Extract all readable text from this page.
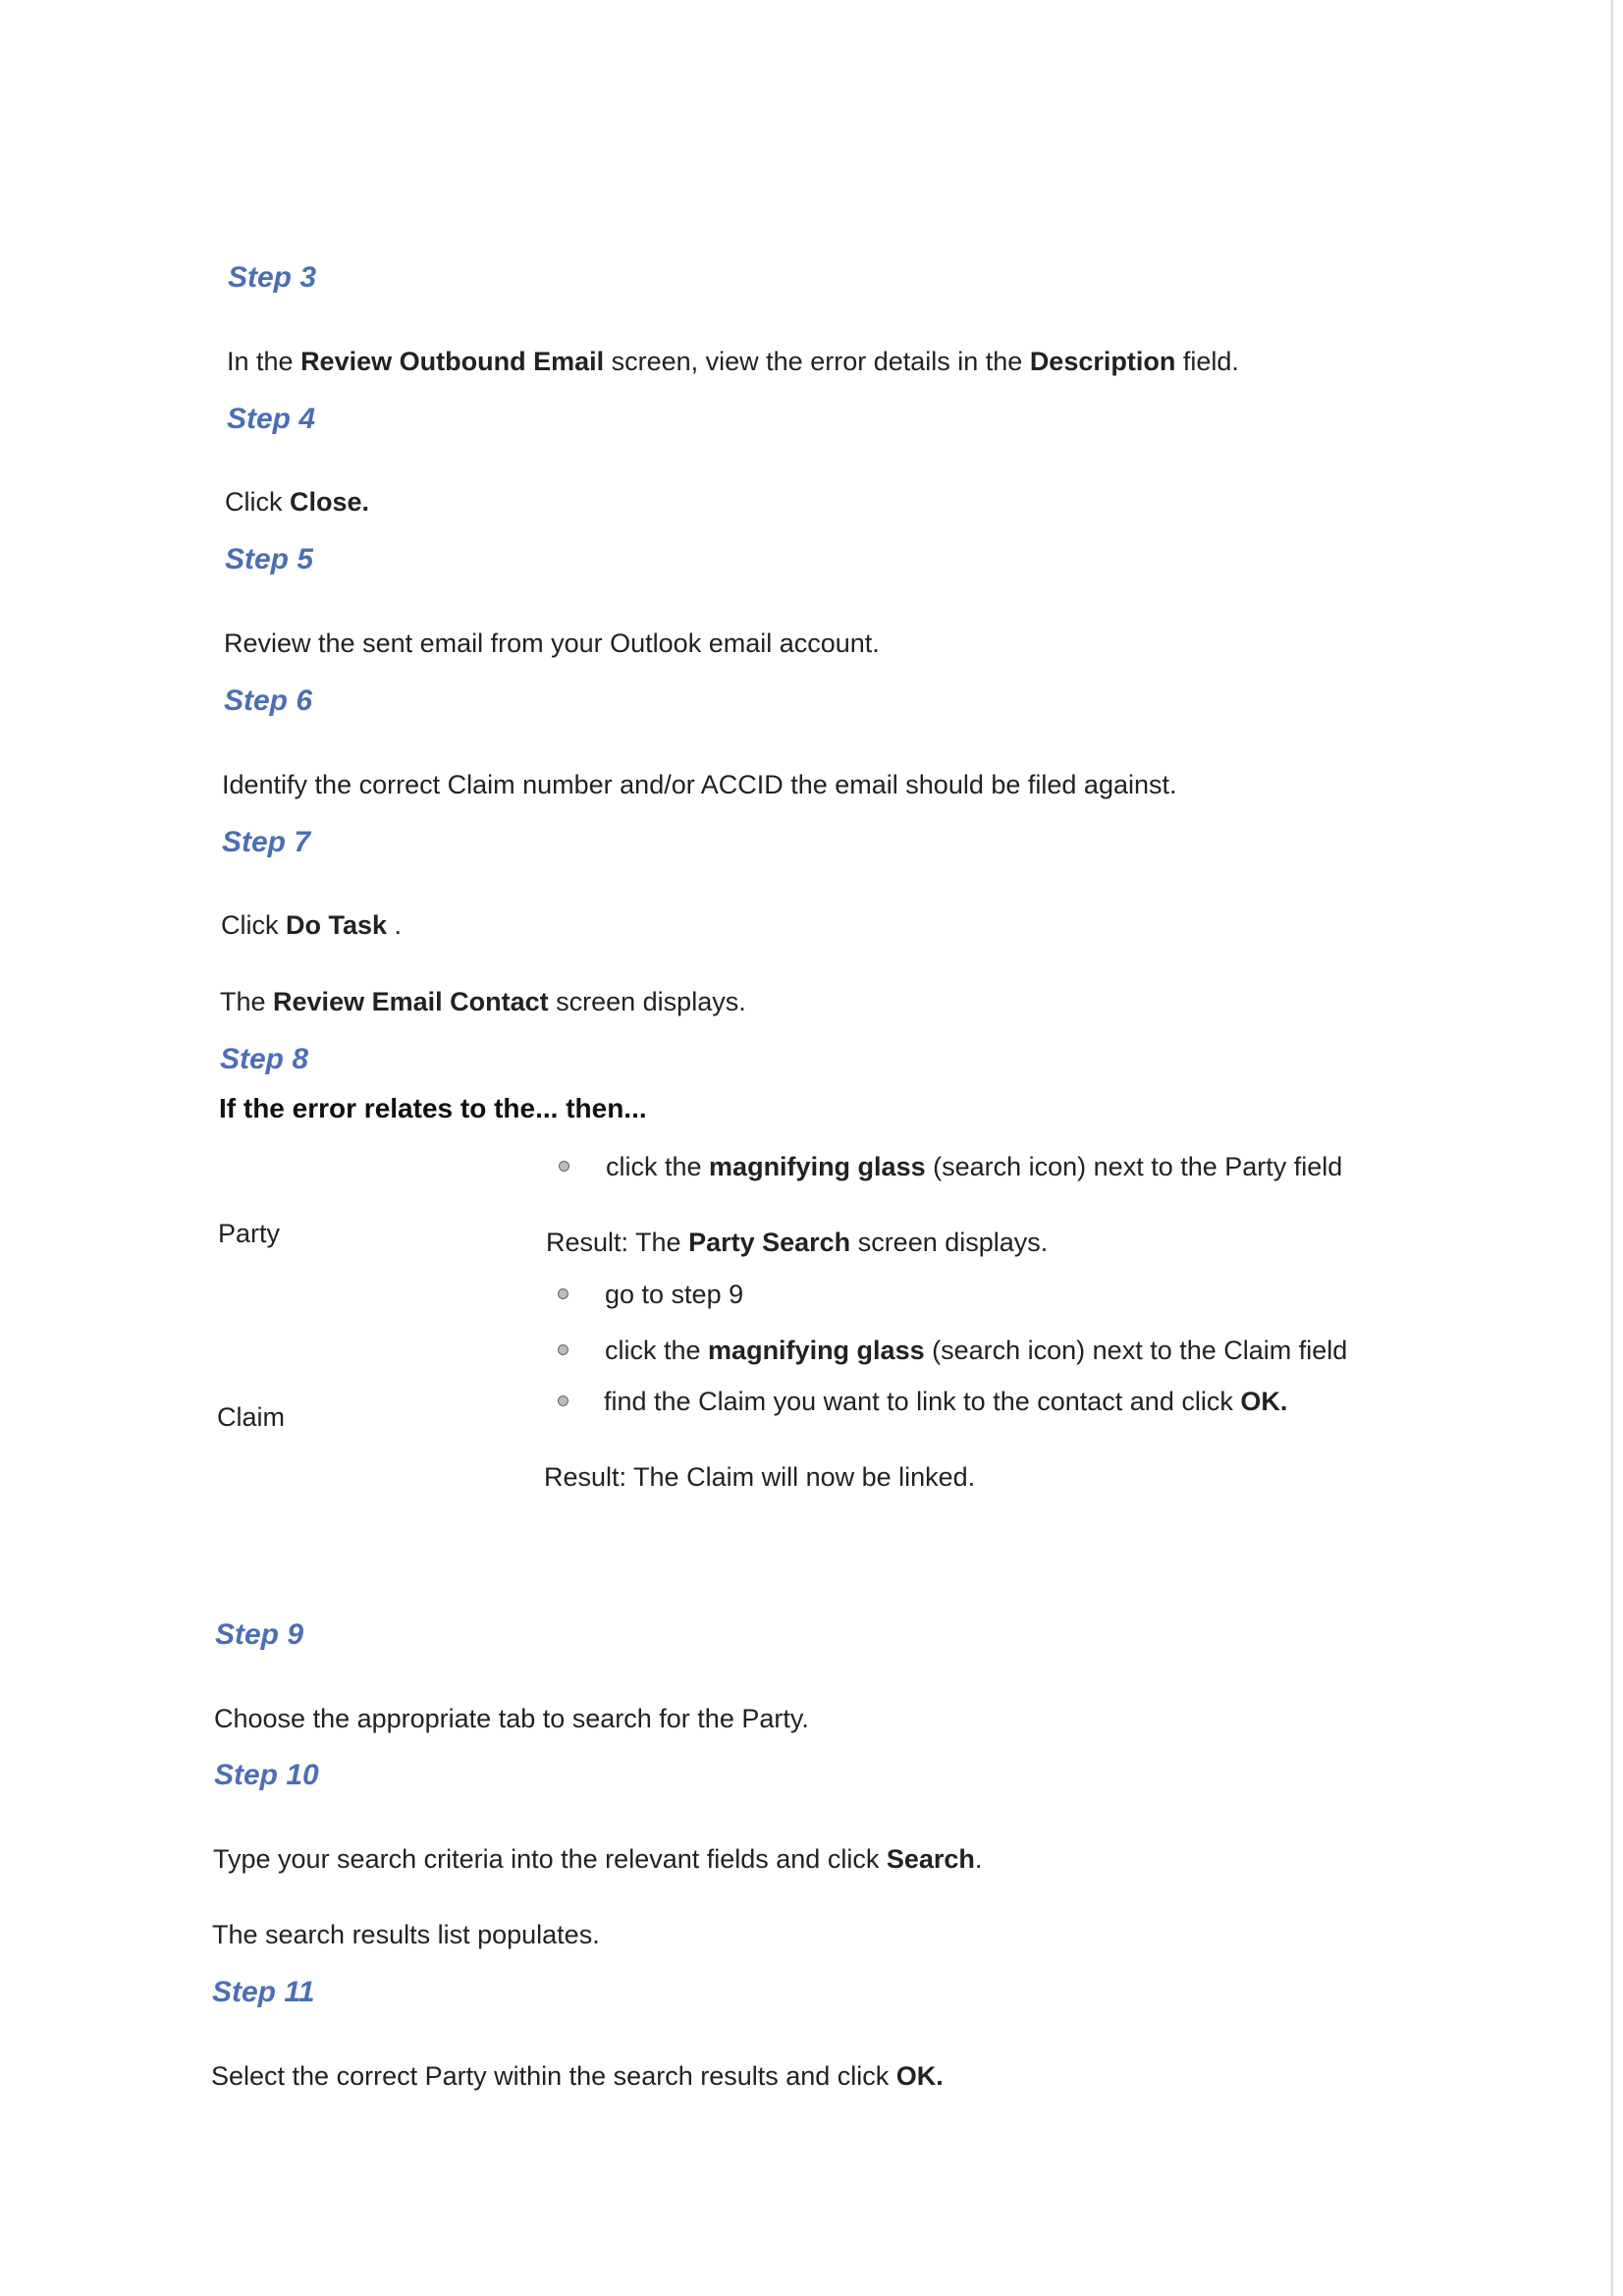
Step 3
In the Review Outbound Email screen, view the error details in the Description field.
Step 4
Click Close.
Step 5
Review the sent email from your Outlook email account.
Step 6
Identify the correct Claim number and/or ACCID the email should be filed against.
Step 7
Click Do Task .
The Review Email Contact screen displays.
Step 8
If the error relates to the... then...
Party
click the magnifying glass (search icon) next to the Party field
Result: The Party Search screen displays.
go to step 9
Claim
click the magnifying glass (search icon) next to the Claim field
find the Claim you want to link to the contact and click OK.
Result: The Claim will now be linked.
Step 9
Choose the appropriate tab to search for the Party.
Step 10
Type your search criteria into the relevant fields and click Search.
The search results list populates.
Step 11
Select the correct Party within the search results and click OK.
